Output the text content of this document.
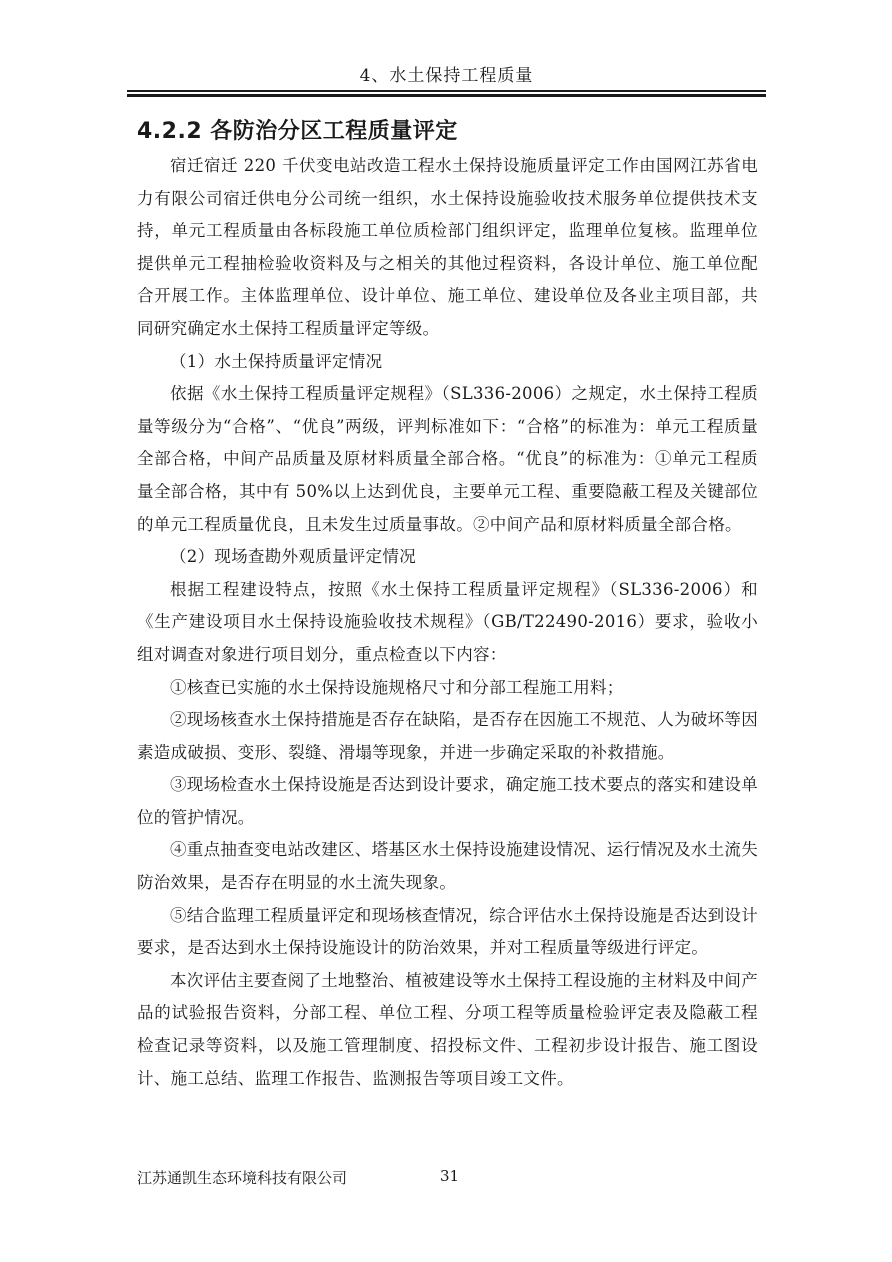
4、水土保持工程质量
4.2.2 各防治分区工程质量评定

宿迁宿迁 220 千伏变电站改造工程水土保持设施质量评定工作由国网江苏省电力有限公司宿迁供电分公司统一组织，水土保持设施验收技术服务单位提供技术支持，单元工程质量由各标段施工单位质检部门组织评定，监理单位复核。监理单位提供单元工程抽检验收资料及与之相关的其他过程资料，各设计单位、施工单位配合开展工作。主体监理单位、设计单位、施工单位、建设单位及各业主项目部，共同研究确定水土保持工程质量评定等级。

（1）水土保持质量评定情况

依据《水土保持工程质量评定规程》（SL336-2006）之规定，水土保持工程质量等级分为“合格”、“优良”两级，评判标准如下：“合格”的标准为：单元工程质量全部合格，中间产品质量及原材料质量全部合格。“优良”的标准为：①单元工程质量全部合格，其中有 50%以上达到优良，主要单元工程、重要隐蔽工程及关键部位的单元工程质量优良，且未发生过质量事故。②中间产品和原材料质量全部合格。

（2）现场查勘外观质量评定情况

根据工程建设特点，按照《水土保持工程质量评定规程》（SL336-2006）和《生产建设项目水土保持设施验收技术规程》（GB/T22490-2016）要求，验收小组对调查对象进行项目划分，重点检查以下内容：

①核查已实施的水土保持设施规格尺寸和分部工程施工用料；

②现场核查水土保持措施是否存在缺陷，是否存在因施工不规范、人为破坏等因素造成破损、变形、裂缝、滑塌等现象，并进一步确定采取的补救措施。

③现场检查水土保持设施是否达到设计要求，确定施工技术要点的落实和建设单位的管护情况。

④重点抽查变电站改建区、塔基区水土保持设施建设情况、运行情况及水土流失防治效果，是否存在明显的水土流失现象。

⑤结合监理工程质量评定和现场核查情况，综合评估水土保持设施是否达到设计要求，是否达到水土保持设施设计的防治效果，并对工程质量等级进行评定。

本次评估主要查阅了土地整治、植被建设等水土保持工程设施的主材料及中间产品的试验报告资料，分部工程、单位工程、分项工程等质量检验评定表及隐蔽工程检查记录等资料，以及施工管理制度、招投标文件、工程初步设计报告、施工图设计、施工总结、监理工作报告、监测报告等项目竣工文件。

江苏通凯生态环境科技有限公司	31
